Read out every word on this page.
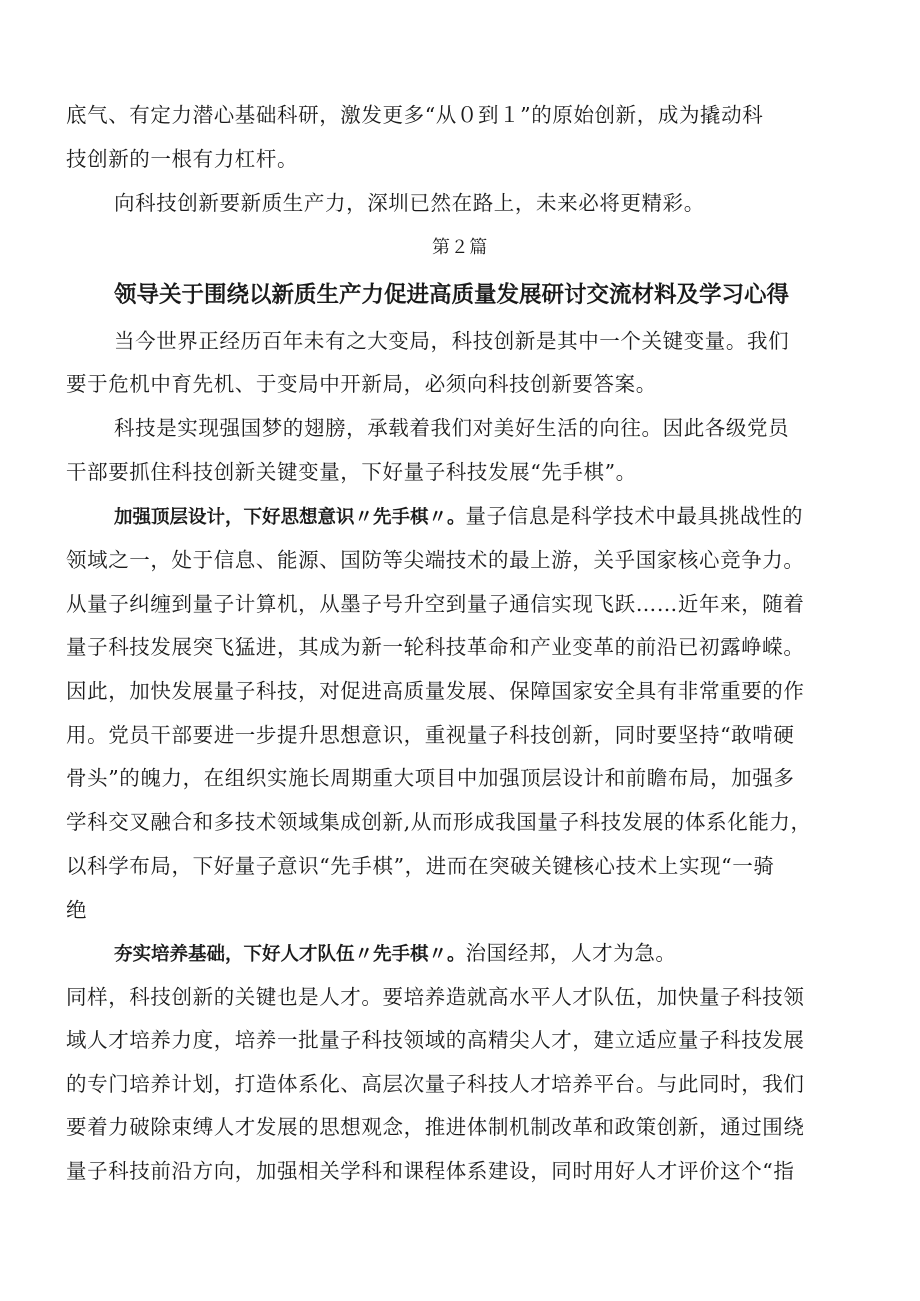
底气、有定力潜心基础科研，激发更多“从０到１”的原始创新，成为撬动科
技创新的一根有力杠杆。
向科技创新要新质生产力，深圳已然在路上，未来必将更精彩。
第２篇
领导关于围绕以新质生产力促进高质量发展研讨交流材料及学习心得
当今世界正经历百年未有之大变局，科技创新是其中一个关键变量。我们
要于危机中育先机、于变局中开新局，必须向科技创新要答案。
科技是实现强国梦的翅膀，承载着我们对美好生活的向往。因此各级党员
干部要抓住科技创新关键变量，下好量子科技发展“先手棋”。
加强顶层设计，下好思想意识〃先手棋〃。量子信息是科学技术中最具挑战性的
领域之一，处于信息、能源、国防等尖端技术的最上游，关乎国家核心竞争力。
从量子纠缠到量子计算机，从墨子号升空到量子通信实现飞跃……近年来，随着
量子科技发展突飞猛进，其成为新一轮科技革命和产业变革的前沿已初露峥嵘。
因此，加快发展量子科技，对促进高质量发展、保障国家安全具有非常重要的作
用。党员干部要进一步提升思想意识，重视量子科技创新，同时要坚持“敢啃硬
骨头”的魄力，在组织实施长周期重大项目中加强顶层设计和前瞻布局，加强多
学科交叉融合和多技术领域集成创新,从而形成我国量子科技发展的体系化能力，
以科学布局，下好量子意识“先手棋”，进而在突破关键核心技术上实现“一骑
绝
夯实培养基础，下好人才队伍〃先手棋〃。治国经邦，人才为急。
同样，科技创新的关键也是人才。要培养造就高水平人才队伍，加快量子科技领
域人才培养力度，培养一批量子科技领域的高精尖人才，建立适应量子科技发展
的专门培养计划，打造体系化、高层次量子科技人才培养平台。与此同时，我们
要着力破除束缚人才发展的思想观念，推进体制机制改革和政策创新，通过围绕
量子科技前沿方向，加强相关学科和课程体系建设，同时用好人才评价这个“指
